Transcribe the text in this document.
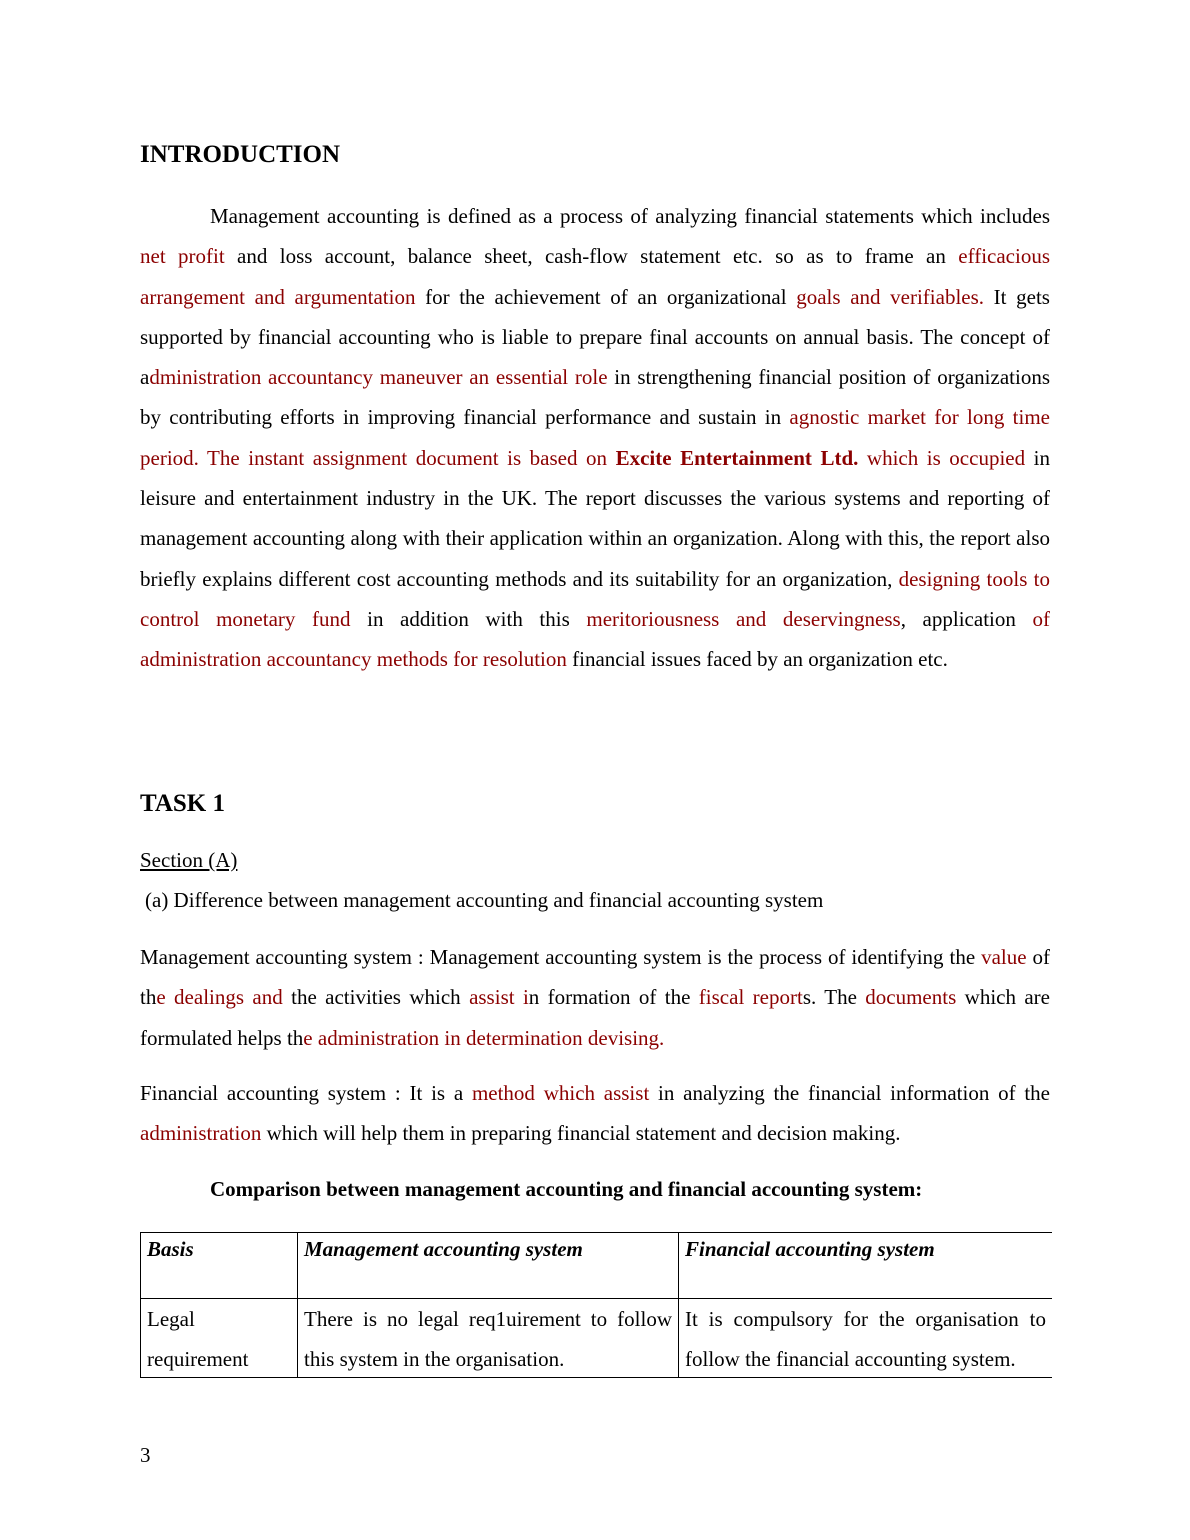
INTRODUCTION

Management accounting is defined as a process of analyzing financial statements which includes net profit and loss account, balance sheet, cash-flow statement etc. so as to frame an efficacious arrangement and argumentation for the achievement of an organizational goals and verifiables. It gets supported by financial accounting who is liable to prepare final accounts on annual basis. The concept of administration accountancy maneuver an essential role in strengthening financial position of organizations by contributing efforts in improving financial performance and sustain in agnostic market for long time period. The instant assignment document is based on Excite Entertainment Ltd. which is occupied in leisure and entertainment industry in the UK. The report discusses the various systems and reporting of management accounting along with their application within an organization. Along with this, the report also briefly explains different cost accounting methods and its suitability for an organization, designing tools to control monetary fund in addition with this meritoriousness and deservingness, application of administration accountancy methods for resolution financial issues faced by an organization etc.

TASK 1
Section (A)
(a) Difference between management accounting and financial accounting system

Management accounting system : Management accounting system is the process of identifying the value of the dealings and the activities which assist in formation of the fiscal reports. The documents which are formulated helps the administration in determination devising.

Financial accounting system : It is a method which assist in analyzing the financial information of the administration which will help them in preparing financial statement and decision making.

Comparison between management accounting and financial accounting system:
Basis	Management accounting system	Financial accounting system
Legal requirement	There is no legal req1uirement to follow this system in the organisation.	It is compulsory for the organisation to follow the financial accounting system.
3
